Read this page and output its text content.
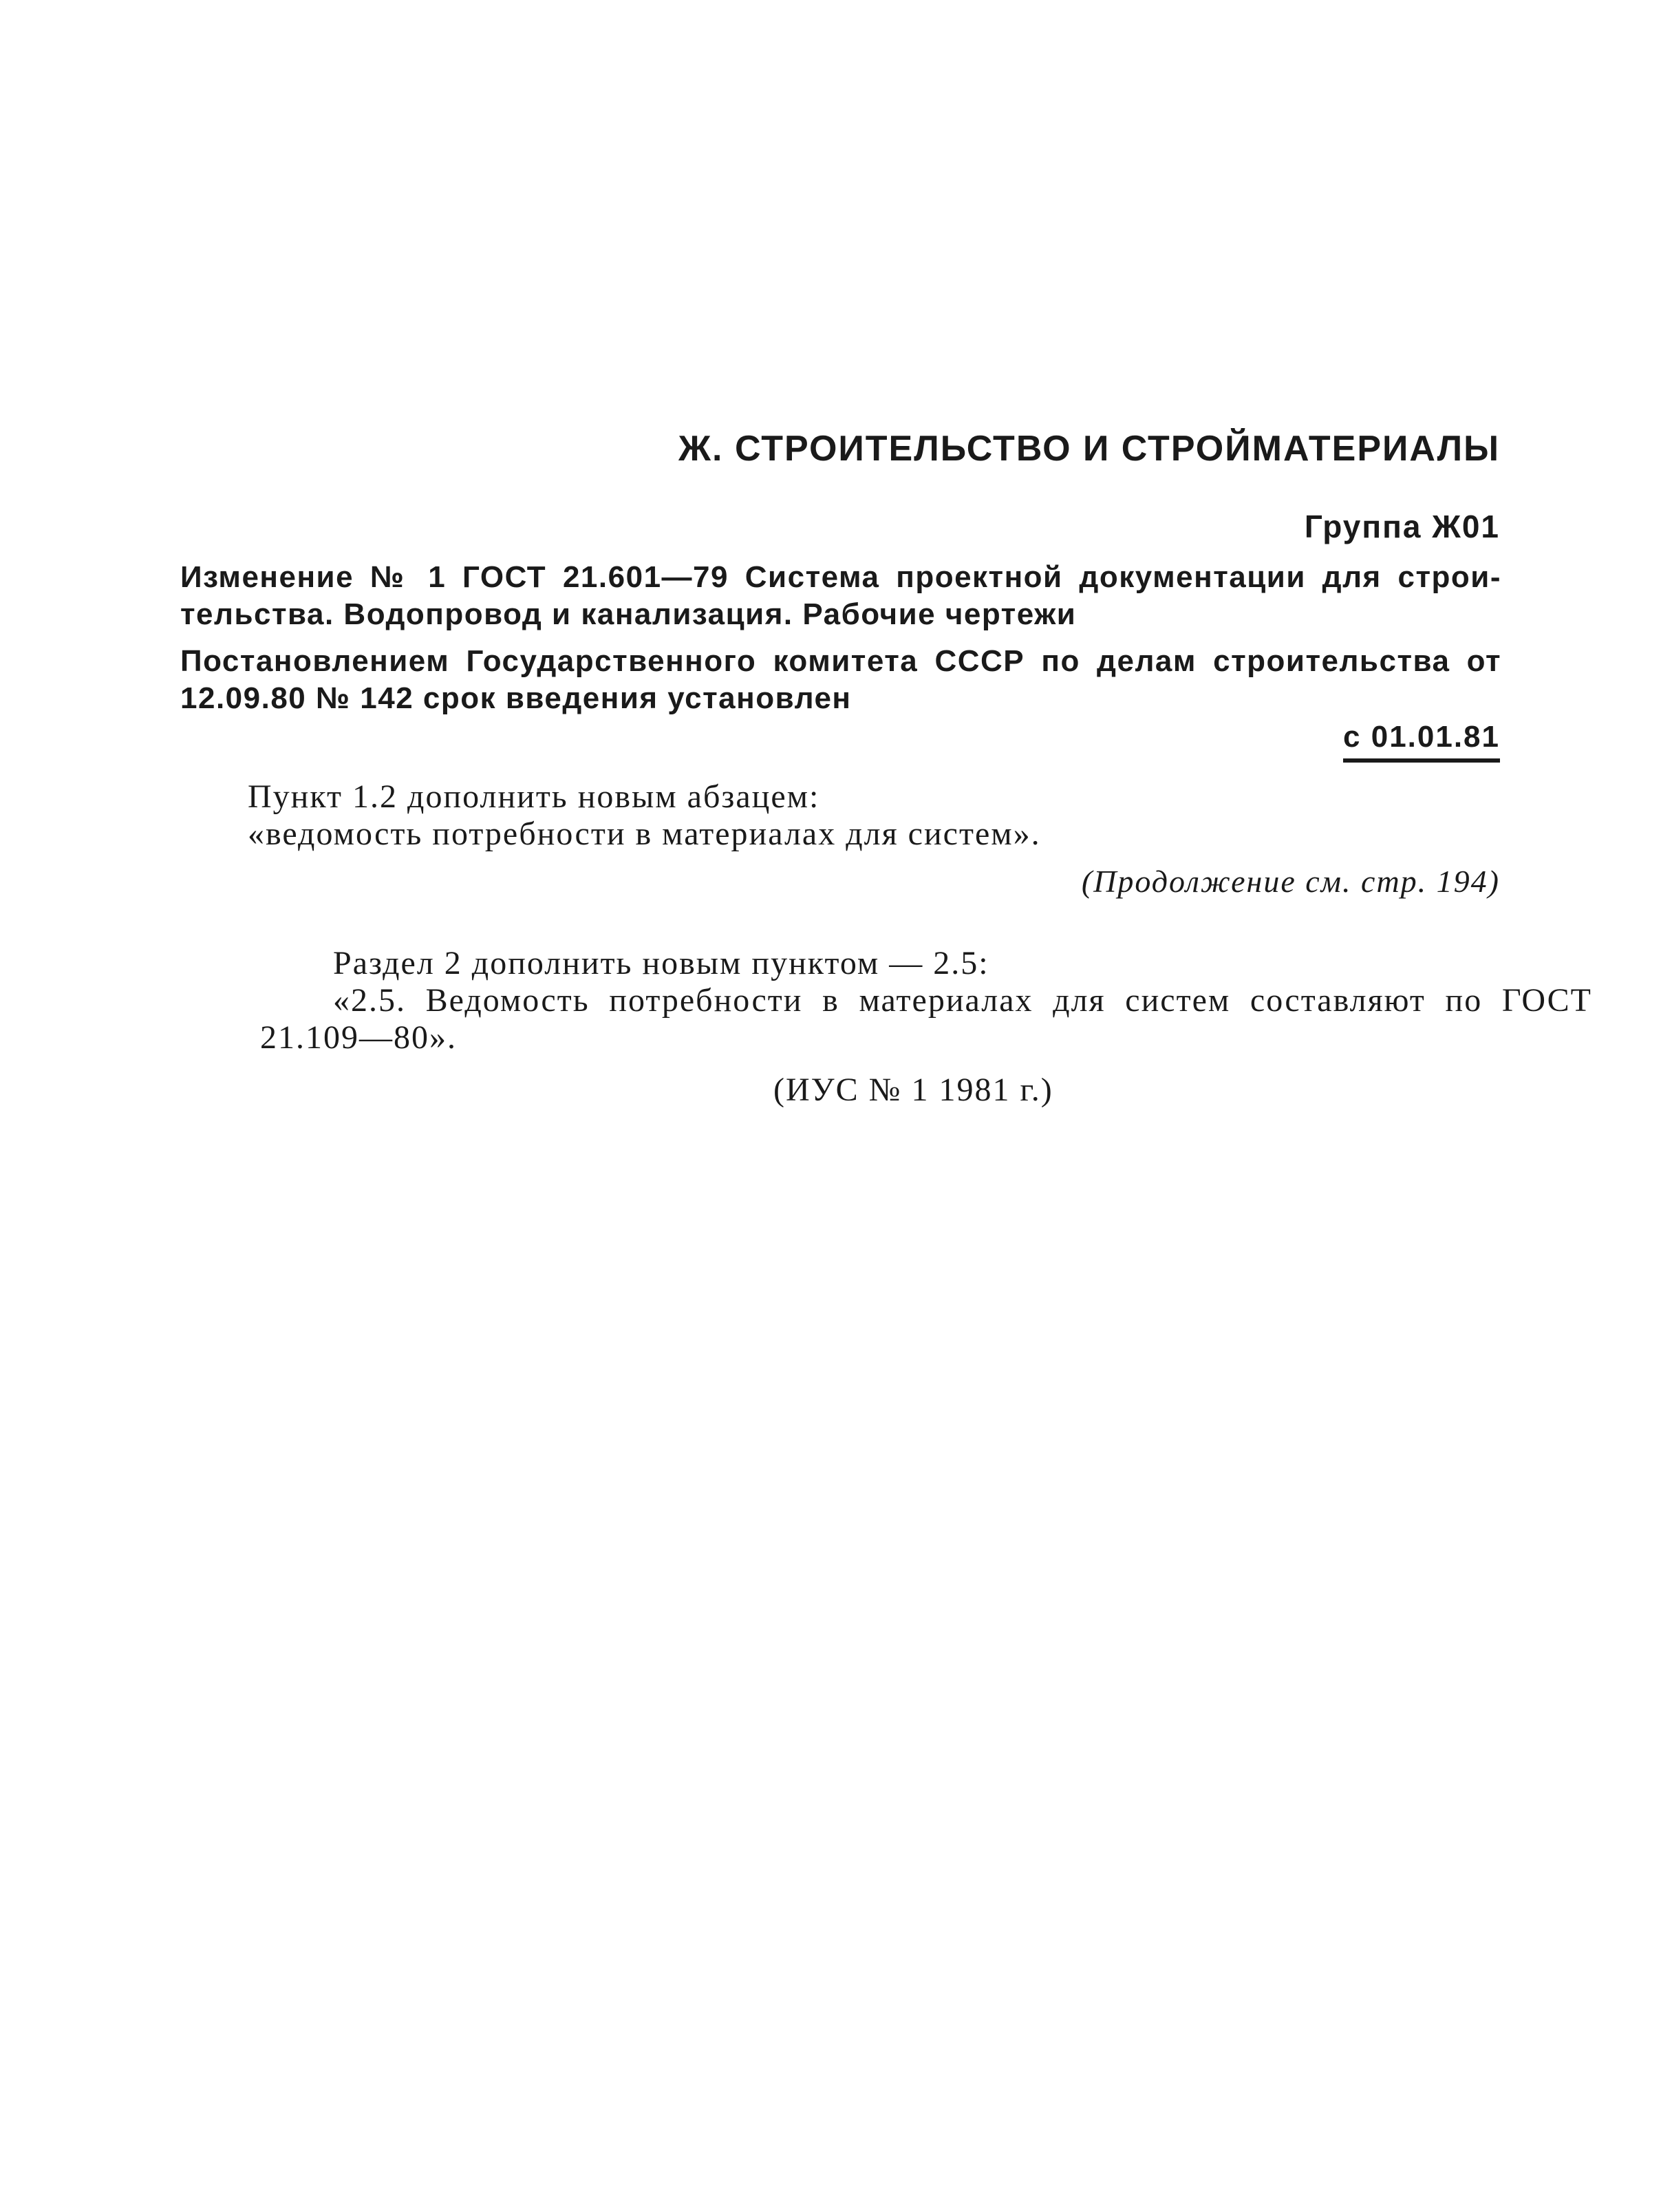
Ж. СТРОИТЕЛЬСТВО И СТРОЙМАТЕРИАЛЫ
Группа Ж01
Изменение № 1 ГОСТ 21.601—79 Система проектной документации для строи-
тельства. Водопровод и канализация. Рабочие чертежи
Постановлением Государственного комитета СССР по делам строительства от
12.09.80 № 142 срок введения установлен
с 01.01.81
Пункт 1.2 дополнить новым абзацем:
«ведомость потребности в материалах для систем».
(Продолжение см. стр. 194)
Раздел 2 дополнить новым пунктом — 2.5:
«2.5. Ведомость потребности в материалах для систем составляют по ГОСТ
21.109—80».
(ИУС № 1 1981 г.)
